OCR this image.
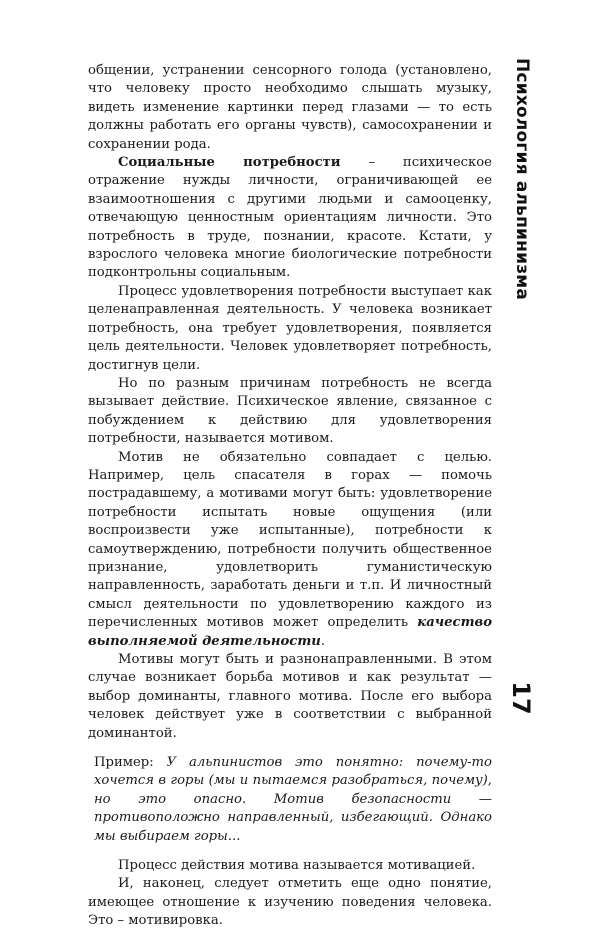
общении, устранении сенсорного голода (установлено, что человеку просто необходимо слышать музыку, видеть изменение картинки перед глазами — то есть должны работать его органы чувств), самосохранении и сохранении рода.

Социальные потребности – психическое отражение нужды личности, ограничивающей ее взаимоотношения с другими людьми и самооценку, отвечающую ценностным ориентациям личности. Это потребность в труде, познании, красоте. Кстати, у взрослого человека многие биологические потребности подконтрольны социальным.

Процесс удовлетворения потребности выступает как целенаправленная деятельность. У человека возникает потребность, она требует удовлетворения, появляется цель деятельности. Человек удовлетворяет потребность, достигнув цели.

Но по разным причинам потребность не всегда вызывает действие. Психическое явление, связанное с побуждением к действию для удовлетворения потребности, называется мотивом.

Мотив не обязательно совпадает с целью. Например, цель спасателя в горах — помочь пострадавшему, а мотивами могут быть: удовлетворение потребности испытать новые ощущения (или воспроизвести уже испытанные), потребности к самоутверждению, потребности получить общественное признание, удовлетворить гуманистическую направленность, заработать деньги и т.п. И личностный смысл деятельности по удовлетворению каждого из перечисленных мотивов может определить качество выполняемой деятельности.

Мотивы могут быть и разнонаправленными. В этом случае возникает борьба мотивов и как результат — выбор доминанты, главного мотива. После его выбора человек действует уже в соответствии с выбранной доминантой.

Пример: У альпинистов это понятно: почему-то хочется в горы (мы и пытаемся разобраться, почему), но это опасно. Мотив безопасности — противоположно направленный, избегающий. Однако мы выбираем горы...

Процесс действия мотива называется мотивацией.

И, наконец, следует отметить еще одно понятие, имеющее отношение к изучению поведения человека. Это – мотивировка.

Психология альпинизма
17
